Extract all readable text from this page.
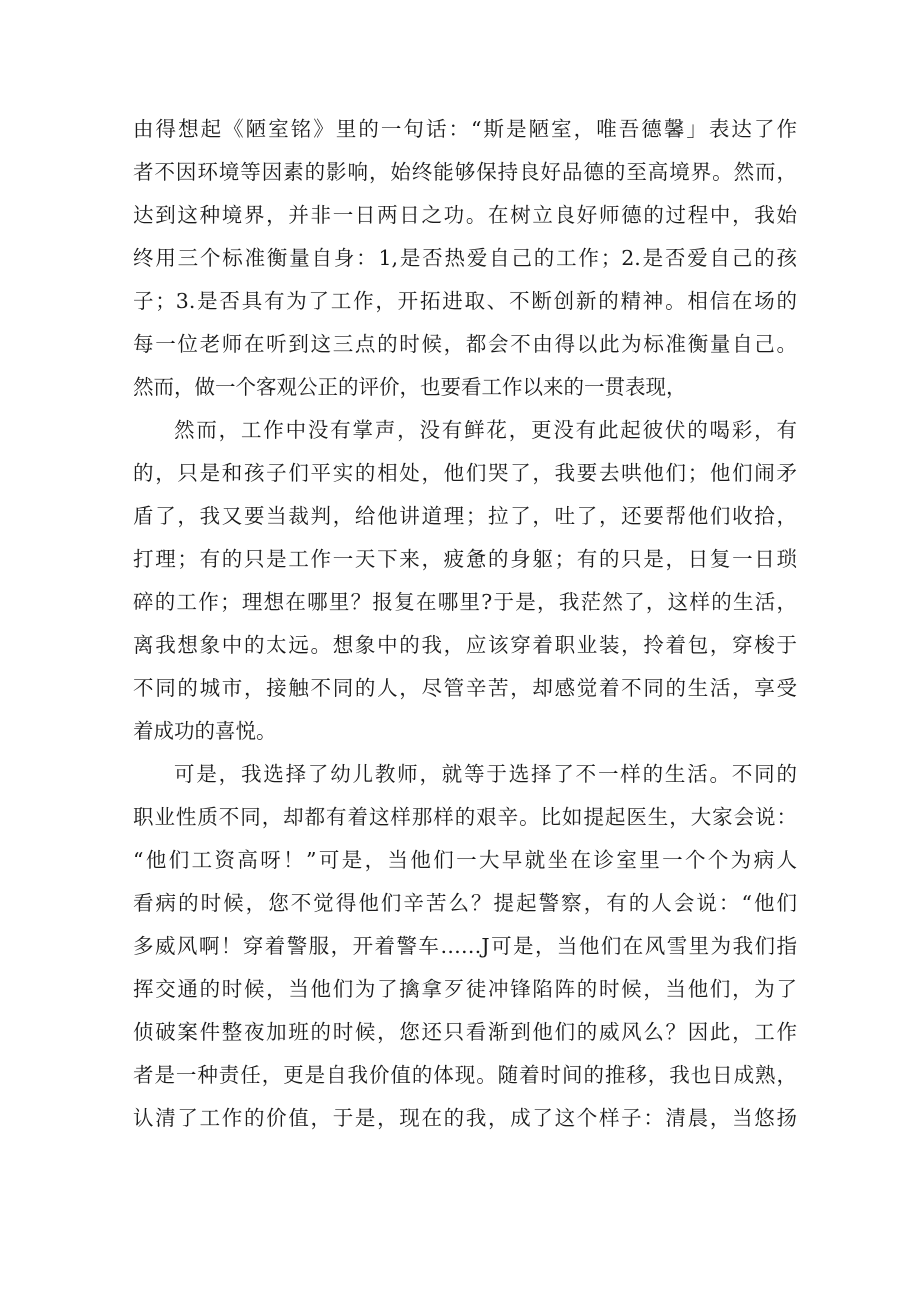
由得想起《陋室铭》里的一句话：“斯是陋室，唯吾德馨」表达了作
者不因环境等因素的影响，始终能够保持良好品德的至高境界。然而，
达到这种境界，并非一日两日之功。在树立良好师德的过程中，我始
终用三个标准衡量自身：1,是否热爱自己的工作；2.是否爱自己的孩
子；3.是否具有为了工作，开拓进取、不断创新的精神。相信在场的
每一位老师在听到这三点的时候，都会不由得以此为标准衡量自己。
然而，做一个客观公正的评价，也要看工作以来的一贯表现，
然而，工作中没有掌声，没有鲜花，更没有此起彼伏的喝彩，有
的，只是和孩子们平实的相处，他们哭了，我要去哄他们；他们闹矛
盾了，我又要当裁判，给他讲道理；拉了，吐了，还要帮他们收拾，
打理；有的只是工作一天下来，疲惫的身躯；有的只是，日复一日琐
碎的工作；理想在哪里？报复在哪里?于是，我茫然了，这样的生活，
离我想象中的太远。想象中的我，应该穿着职业装，拎着包，穿梭于
不同的城市，接触不同的人，尽管辛苦，却感觉着不同的生活，享受
着成功的喜悦。
可是，我选择了幼儿教师，就等于选择了不一样的生活。不同的
职业性质不同，却都有着这样那样的艰辛。比如提起医生，大家会说：
“他们工资高呀！”可是，当他们一大早就坐在诊室里一个个为病人
看病的时候，您不觉得他们辛苦么？提起警察，有的人会说：“他们
多威风啊！穿着警服，开着警车……J可是，当他们在风雪里为我们指
挥交通的时候，当他们为了擒拿歹徒冲锋陷阵的时候，当他们，为了
侦破案件整夜加班的时候，您还只看渐到他们的威风么？因此，工作
者是一种责任，更是自我价值的体现。随着时间的推移，我也日成熟，
认清了工作的价值，于是，现在的我，成了这个样子：清晨，当悠扬
